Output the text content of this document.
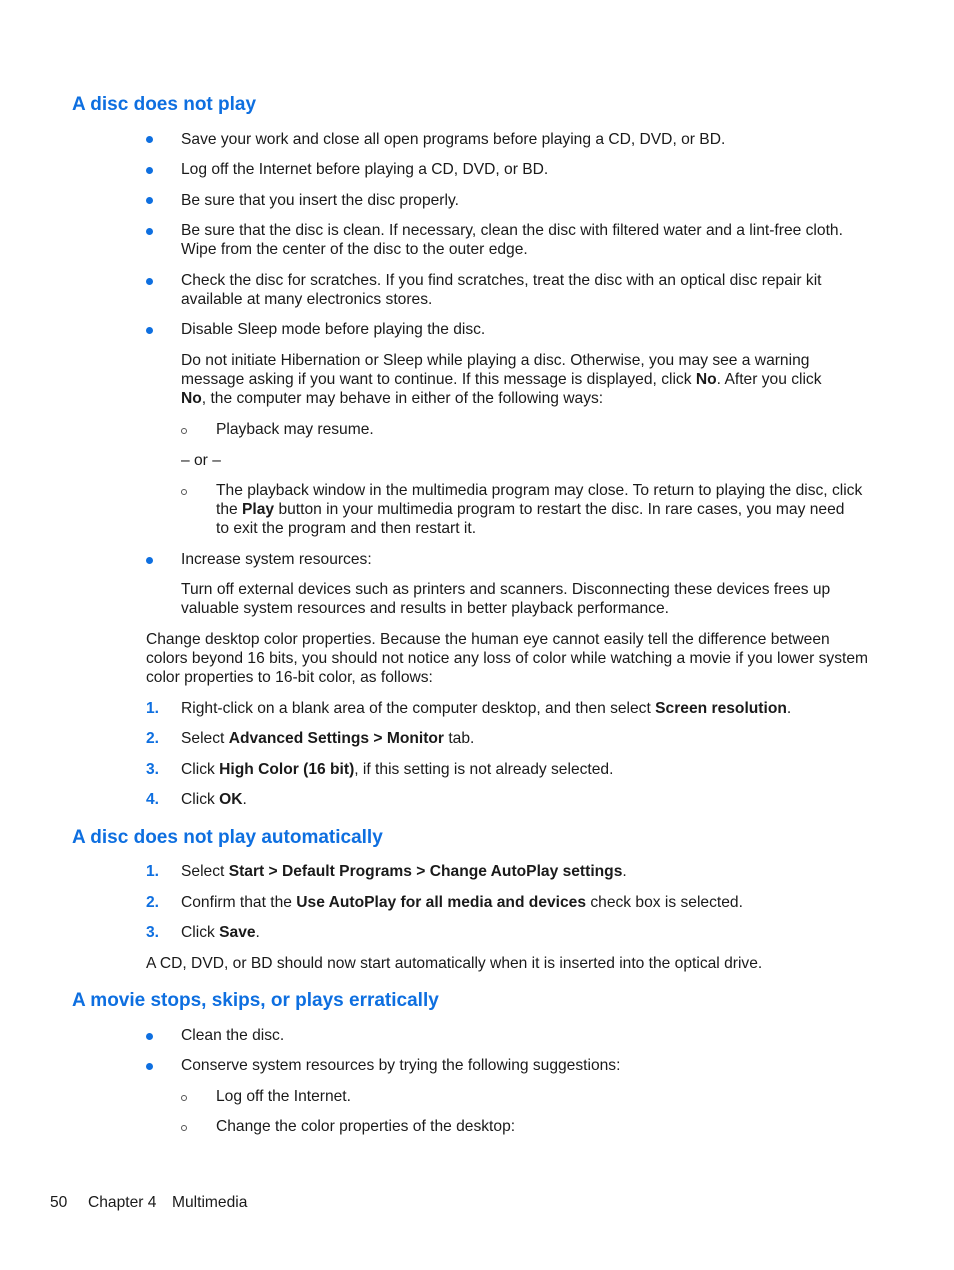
A disc does not play
Save your work and close all open programs before playing a CD, DVD, or BD.
Log off the Internet before playing a CD, DVD, or BD.
Be sure that you insert the disc properly.
Be sure that the disc is clean. If necessary, clean the disc with filtered water and a lint-free cloth.
Wipe from the center of the disc to the outer edge.
Check the disc for scratches. If you find scratches, treat the disc with an optical disc repair kit
available at many electronics stores.
Disable Sleep mode before playing the disc.
Do not initiate Hibernation or Sleep while playing a disc. Otherwise, you may see a warning
message asking if you want to continue. If this message is displayed, click No. After you click
No, the computer may behave in either of the following ways:
Playback may resume.
– or –
The playback window in the multimedia program may close. To return to playing the disc, click
the Play button in your multimedia program to restart the disc. In rare cases, you may need
to exit the program and then restart it.
Increase system resources:
Turn off external devices such as printers and scanners. Disconnecting these devices frees up
valuable system resources and results in better playback performance.
Change desktop color properties. Because the human eye cannot easily tell the difference between
colors beyond 16 bits, you should not notice any loss of color while watching a movie if you lower system
color properties to 16-bit color, as follows:
1. Right-click on a blank area of the computer desktop, and then select Screen resolution.
2. Select Advanced Settings > Monitor tab.
3. Click High Color (16 bit), if this setting is not already selected.
4. Click OK.
A disc does not play automatically
1. Select Start > Default Programs > Change AutoPlay settings.
2. Confirm that the Use AutoPlay for all media and devices check box is selected.
3. Click Save.
A CD, DVD, or BD should now start automatically when it is inserted into the optical drive.
A movie stops, skips, or plays erratically
Clean the disc.
Conserve system resources by trying the following suggestions:
Log off the Internet.
Change the color properties of the desktop:
50 Chapter 4 Multimedia
